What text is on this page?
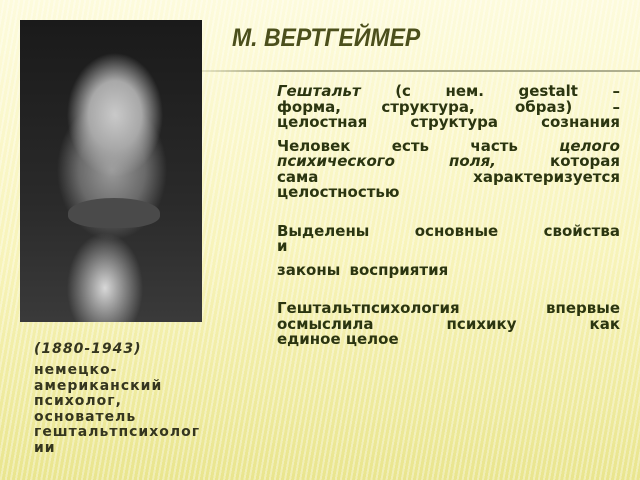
М. ВЕРТГЕЙМЕР
Гештальт (с нем. gestalt –
форма, структура, образ) –
целостная структура сознания
Человек есть часть целого
психического поля, которая
сама характеризуется
целостностью
Выделены основные свойства
и
законы восприятия
Гештальтпсихология впервые
осмыслила психику как
единое целое
(1880-1943)
немецко-
американский
психолог,
основатель
гештальтпсихолог
ии
